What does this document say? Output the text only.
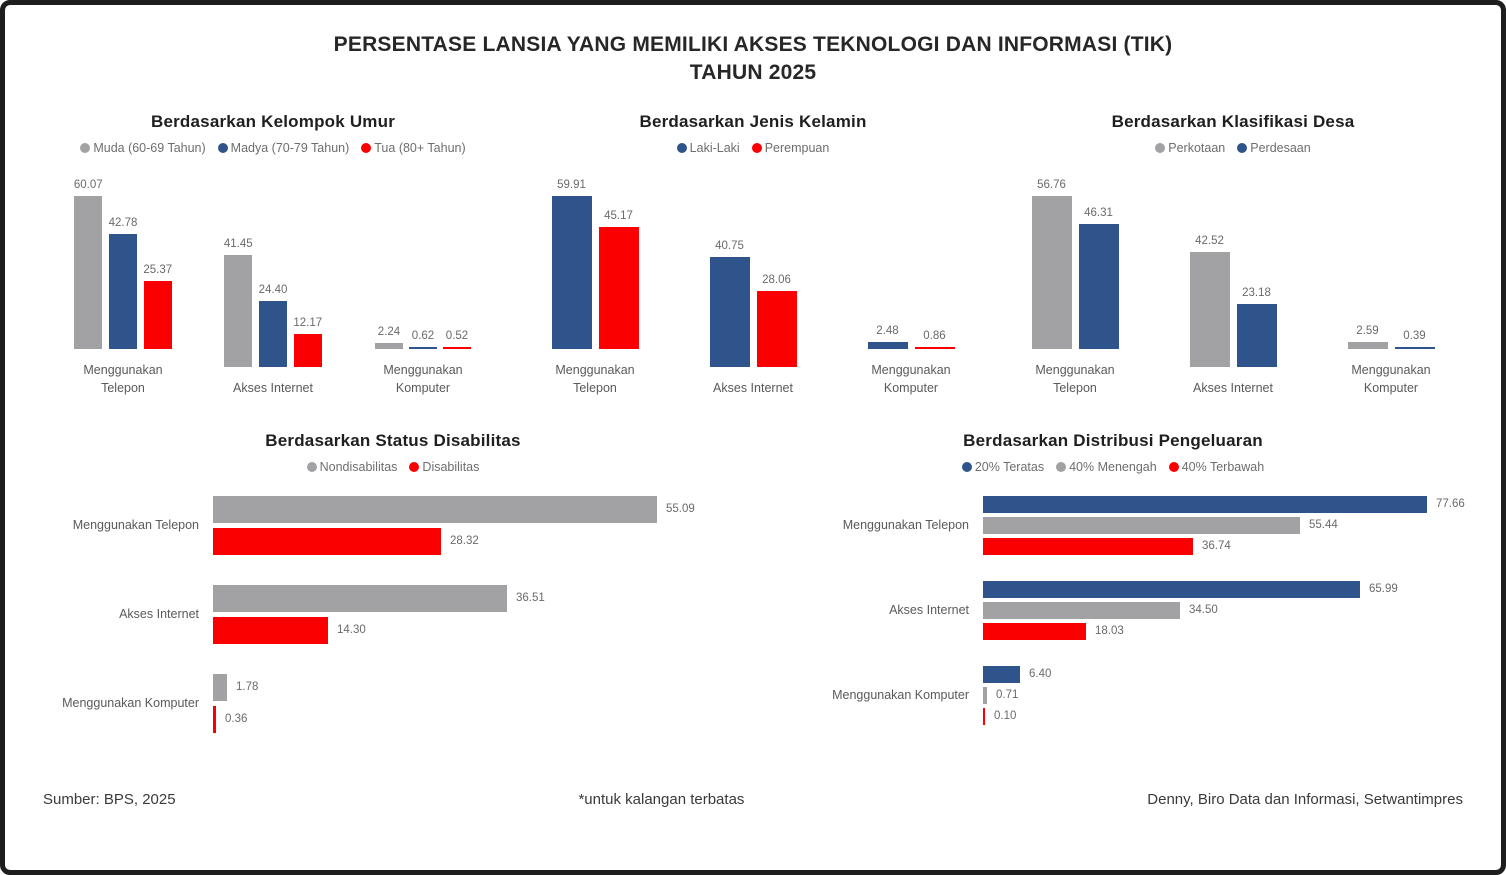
PERSENTASE LANSIA YANG MEMILIKI AKSES TEKNOLOGI DAN INFORMASI (TIK)
TAHUN 2025
Berdasarkan Kelompok Umur
Muda (60-69 Tahun) Madya (70-79 Tahun) Tua (80+ Tahun)
60.07
42.78
25.37
Menggunakan Telepon
41.45
24.40
12.17
Akses Internet
2.24 0.62 0.52
Menggunakan Komputer
Berdasarkan Jenis Kelamin
Laki-Laki Perempuan
59.91
45.17
Menggunakan Telepon
40.75
28.06
Akses Internet
2.48 0.86
Menggunakan Komputer
Berdasarkan Klasifikasi Desa
Perkotaan Perdesaan
56.76
46.31
Menggunakan Telepon
42.52
23.18
Akses Internet
2.59 0.39
Menggunakan Komputer
Berdasarkan Status Disabilitas
Nondisabilitas Disabilitas
Menggunakan Telepon
55.09
28.32
Akses Internet
36.51
14.30
Menggunakan Komputer
1.78
0.36
Berdasarkan Distribusi Pengeluaran
20% Teratas 40% Menengah 40% Terbawah
Menggunakan Telepon
77.66
55.44
36.74
Akses Internet
65.99
34.50
18.03
Menggunakan Komputer
6.40
0.71
0.10
Sumber: BPS, 2025	*untuk kalangan terbatas	Denny, Biro Data dan Informasi, Setwantimpres
